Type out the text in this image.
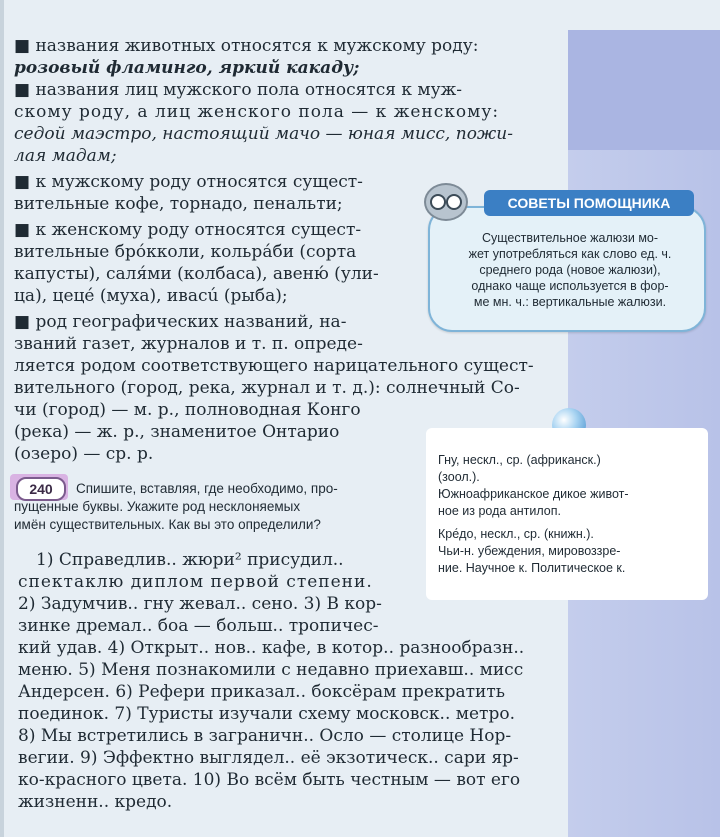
■ названия животных относятся к мужскому роду:
розовый фламинго, яркий какаду;
■ названия лиц мужского пола относятся к муж-
скому роду, а лиц женского пола — к женскому:
седой маэстро, настоящий мачо — юная мисс, пожи-
лая мадам;
■ к мужскому роду относятся сущест-
вительные кофе, торнадо, пенальти;
■ к женскому роду относятся сущест-
вительные бро́кколи, кольра́би (сорта
капусты), саля́ми (колбаса), авеню́ (ули-
ца), цеце́ (муха), ивасú (рыба);
■ род географических названий, на-
званий газет, журналов и т. п. опреде-
ляется родом соответствующего нарицательного сущест-
вительного (город, река, журнал и т. д.): солнечный Со-
чи (город) — м. р., полноводная Конго
(река) — ж. р., знаменитое Онтарио
(озеро) — ср. р.
СОВЕТЫ ПОМОЩНИКА
Существительное жалюзи мо-
жет употребляться как слово ед. ч.
среднего рода (новое жалюзи),
однако чаще используется в фор-
ме мн. ч.: вертикальные жалюзи.
Гну, нескл., ср. (африканск.)
(зоол.).
Южноафриканское дикое живот-
ное из рода антилоп.
Кре́до, нескл., ср. (книжн.).
Чьи-н. убеждения, мировоззре-
ние. Научное к. Политическое к.
240	Спишите, вставляя, где необходимо, про-
пущенные буквы. Укажите род несклоняемых
имён существительных. Как вы это определили?
1) Справедлив.. жюри² присудил..
спектаклю диплом первой степени.
2) Задумчив.. гну жевал.. сено. 3) В кор-
зинке дремал.. боа — больш.. тропичес-
кий удав. 4) Открыт.. нов.. кафе, в котор.. разнообразн..
меню. 5) Меня познакомили с недавно приехавш.. мисс
Андерсен. 6) Рефери приказал.. боксёрам прекратить
поединок. 7) Туристы изучали схему московск.. метро.
8) Мы встретились в заграничн.. Осло — столице Нор-
вегии. 9) Эффектно выглядел.. её экзотическ.. сари яр-
ко-красного цвета. 10) Во всём быть честным — вот его
жизненн.. кредо.
